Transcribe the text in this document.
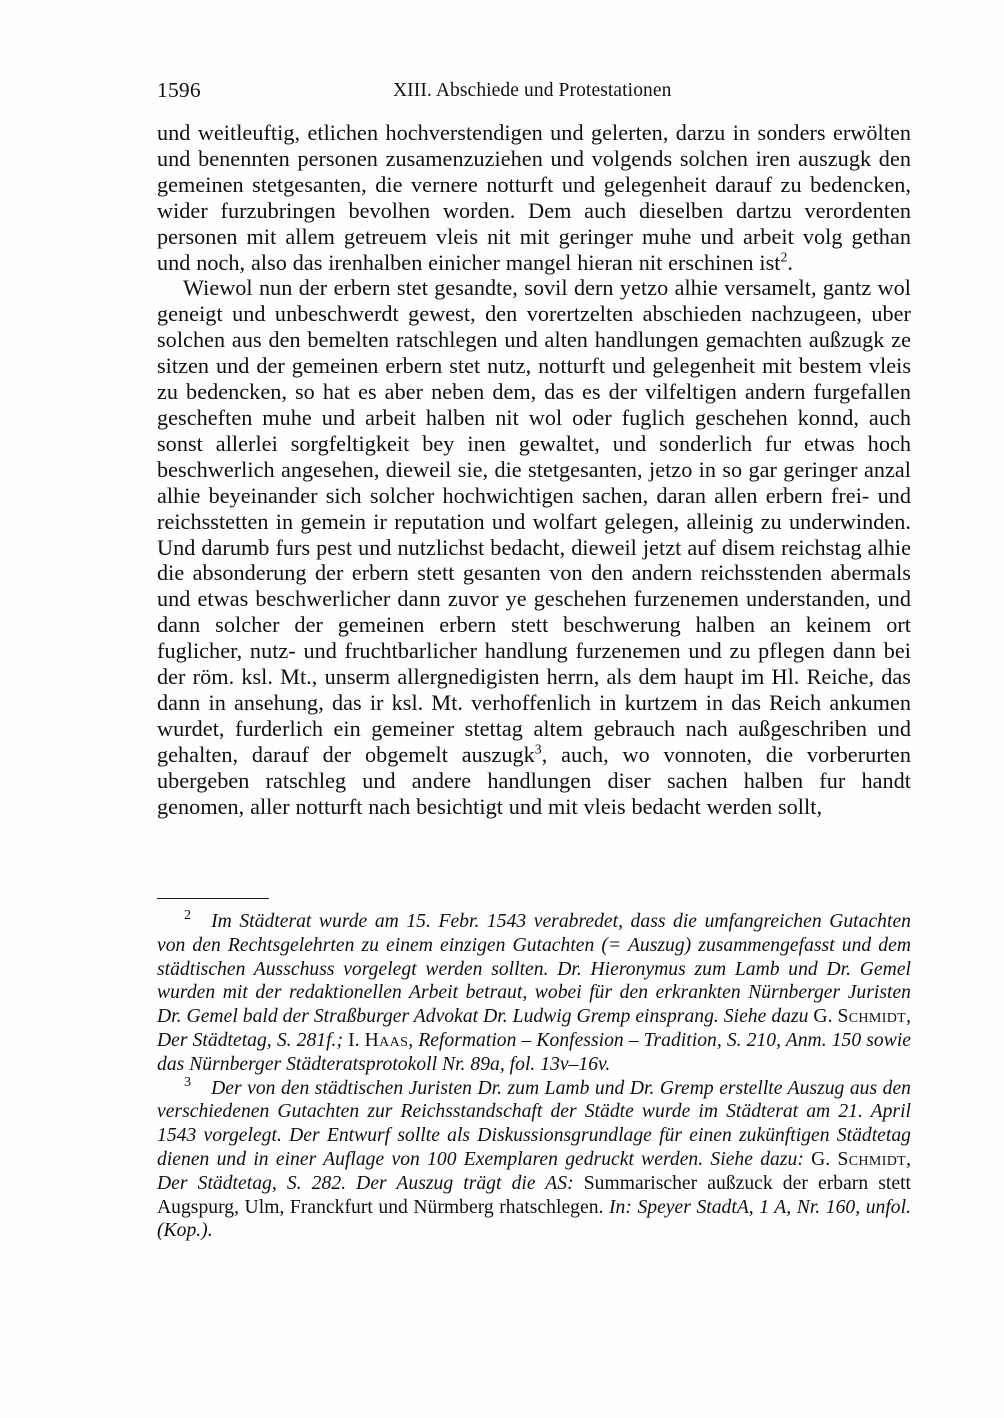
1596	XIII. Abschiede und Protestationen

und weitleuftig, etlichen hochverstendigen und gelerten, darzu in sonders erwölten und benennten personen zusamenzuziehen und volgends solchen iren auszugk den gemeinen stetgesanten, die vernere notturft und gelegenheit darauf zu bedencken, wider furzubringen bevolhen worden. Dem auch dieselben dartzu verordenten personen mit allem getreuem vleis nit mit geringer muhe und arbeit volg gethan und noch, also das irenhalben einicher mangel hieran nit erschinen ist$^2$.

Wiewol nun der erbern stet gesandte, sovil dern yetzo alhie versamelt, gantz wol geneigt und unbeschwerdt gewest, den vorertzelten abschieden nachzugeen, uber solchen aus den bemelten ratschlegen und alten handlungen gemachten außzugk ze sitzen und der gemeinen erbern stet nutz, notturft und gelegenheit mit bestem vleis zu bedencken, so hat es aber neben dem, das es der vilfeltigen andern furgefallen gescheften muhe und arbeit halben nit wol oder fuglich geschehen konnd, auch sonst allerlei sorgfeltigkeit bey inen gewaltet, und sonderlich fur etwas hoch beschwerlich angesehen, dieweil sie, die stetgesanten, jetzo in so gar geringer anzal alhie beyeinander sich solcher hochwichtigen sachen, daran allen erbern frei- und reichsstetten in gemein ir reputation und wolfart gelegen, alleinig zu underwinden. Und darumb furs pest und nutzlichst bedacht, dieweil jetzt auf disem reichstag alhie die absonderung der erbern stett gesanten von den andern reichsstenden abermals und etwas beschwerlicher dann zuvor ye geschehen furzenemen understanden, und dann solcher der gemeinen erbern stett beschwerung halben an keinem ort fuglicher, nutz- und fruchtbarlicher handlung furzenemen und zu pflegen dann bei der röm. ksl. Mt., unserm allergnedigisten herrn, als dem haupt im Hl. Reiche, das dann in ansehung, das ir ksl. Mt. verhoffenlich in kurtzem in das Reich ankumen wurdet, furderlich ein gemeiner stettag altem gebrauch nach außgeschriben und gehalten, darauf der obgemelt auszugk$^3$, auch, wo vonnoten, die vorberurten ubergeben ratschleg und andere handlungen diser sachen halben fur handt genomen, aller notturft nach besichtigt und mit vleis bedacht werden sollt,

$^2$ Im Städterat wurde am 15. Febr. 1543 verabredet, dass die umfangreichen Gutachten von den Rechtsgelehrten zu einem einzigen Gutachten (= Auszug) zusammengefasst und dem städtischen Ausschuss vorgelegt werden sollten. Dr. Hieronymus zum Lamb und Dr. Gemel wurden mit der redaktionellen Arbeit betraut, wobei für den erkrankten Nürnberger Juristen Dr. Gemel bald der Straßburger Advokat Dr. Ludwig Gremp einsprang. Siehe dazu G. Schmidt, Der Städtetag, S. 281f.; I. Haas, Reformation – Konfession – Tradition, S. 210, Anm. 150 sowie das Nürnberger Städteratsprotokoll Nr. 89a, fol. 13v–16v.

$^3$ Der von den städtischen Juristen Dr. zum Lamb und Dr. Gremp erstellte Auszug aus den verschiedenen Gutachten zur Reichsstandschaft der Städte wurde im Städterat am 21. April 1543 vorgelegt. Der Entwurf sollte als Diskussionsgrundlage für einen zukünftigen Städtetag dienen und in einer Auflage von 100 Exemplaren gedruckt werden. Siehe dazu: G. Schmidt, Der Städtetag, S. 282. Der Auszug trägt die AS: Summarischer außzuck der erbarn stett Augspurg, Ulm, Franckfurt und Nürmberg rhatschlegen. In: Speyer StadtA, 1 A, Nr. 160, unfol. (Kop.).
